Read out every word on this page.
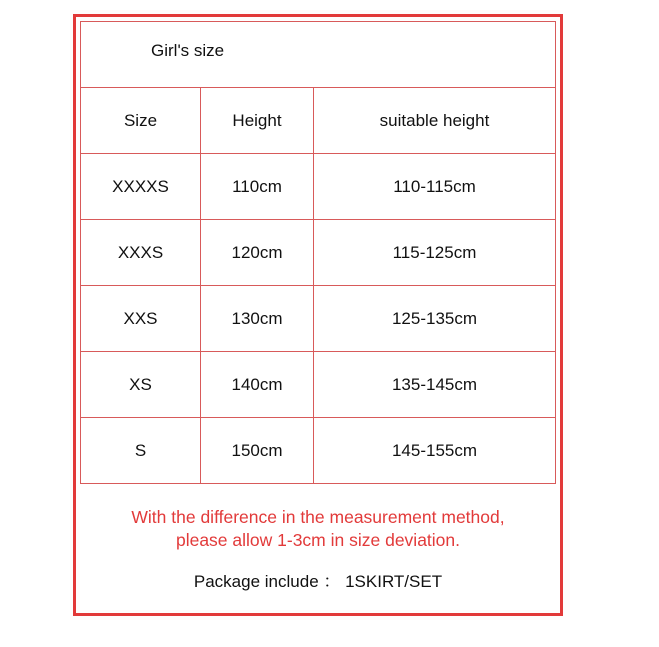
Girl's size
Size	Height	suitable height
XXXXS	110cm	110-115cm
XXXS	120cm	115-125cm
XXS	130cm	125-135cm
XS	140cm	135-145cm
S	150cm	145-155cm
With the difference in the measurement method,
please allow 1-3cm in size deviation.
Package include ： 1SKIRT/SET
